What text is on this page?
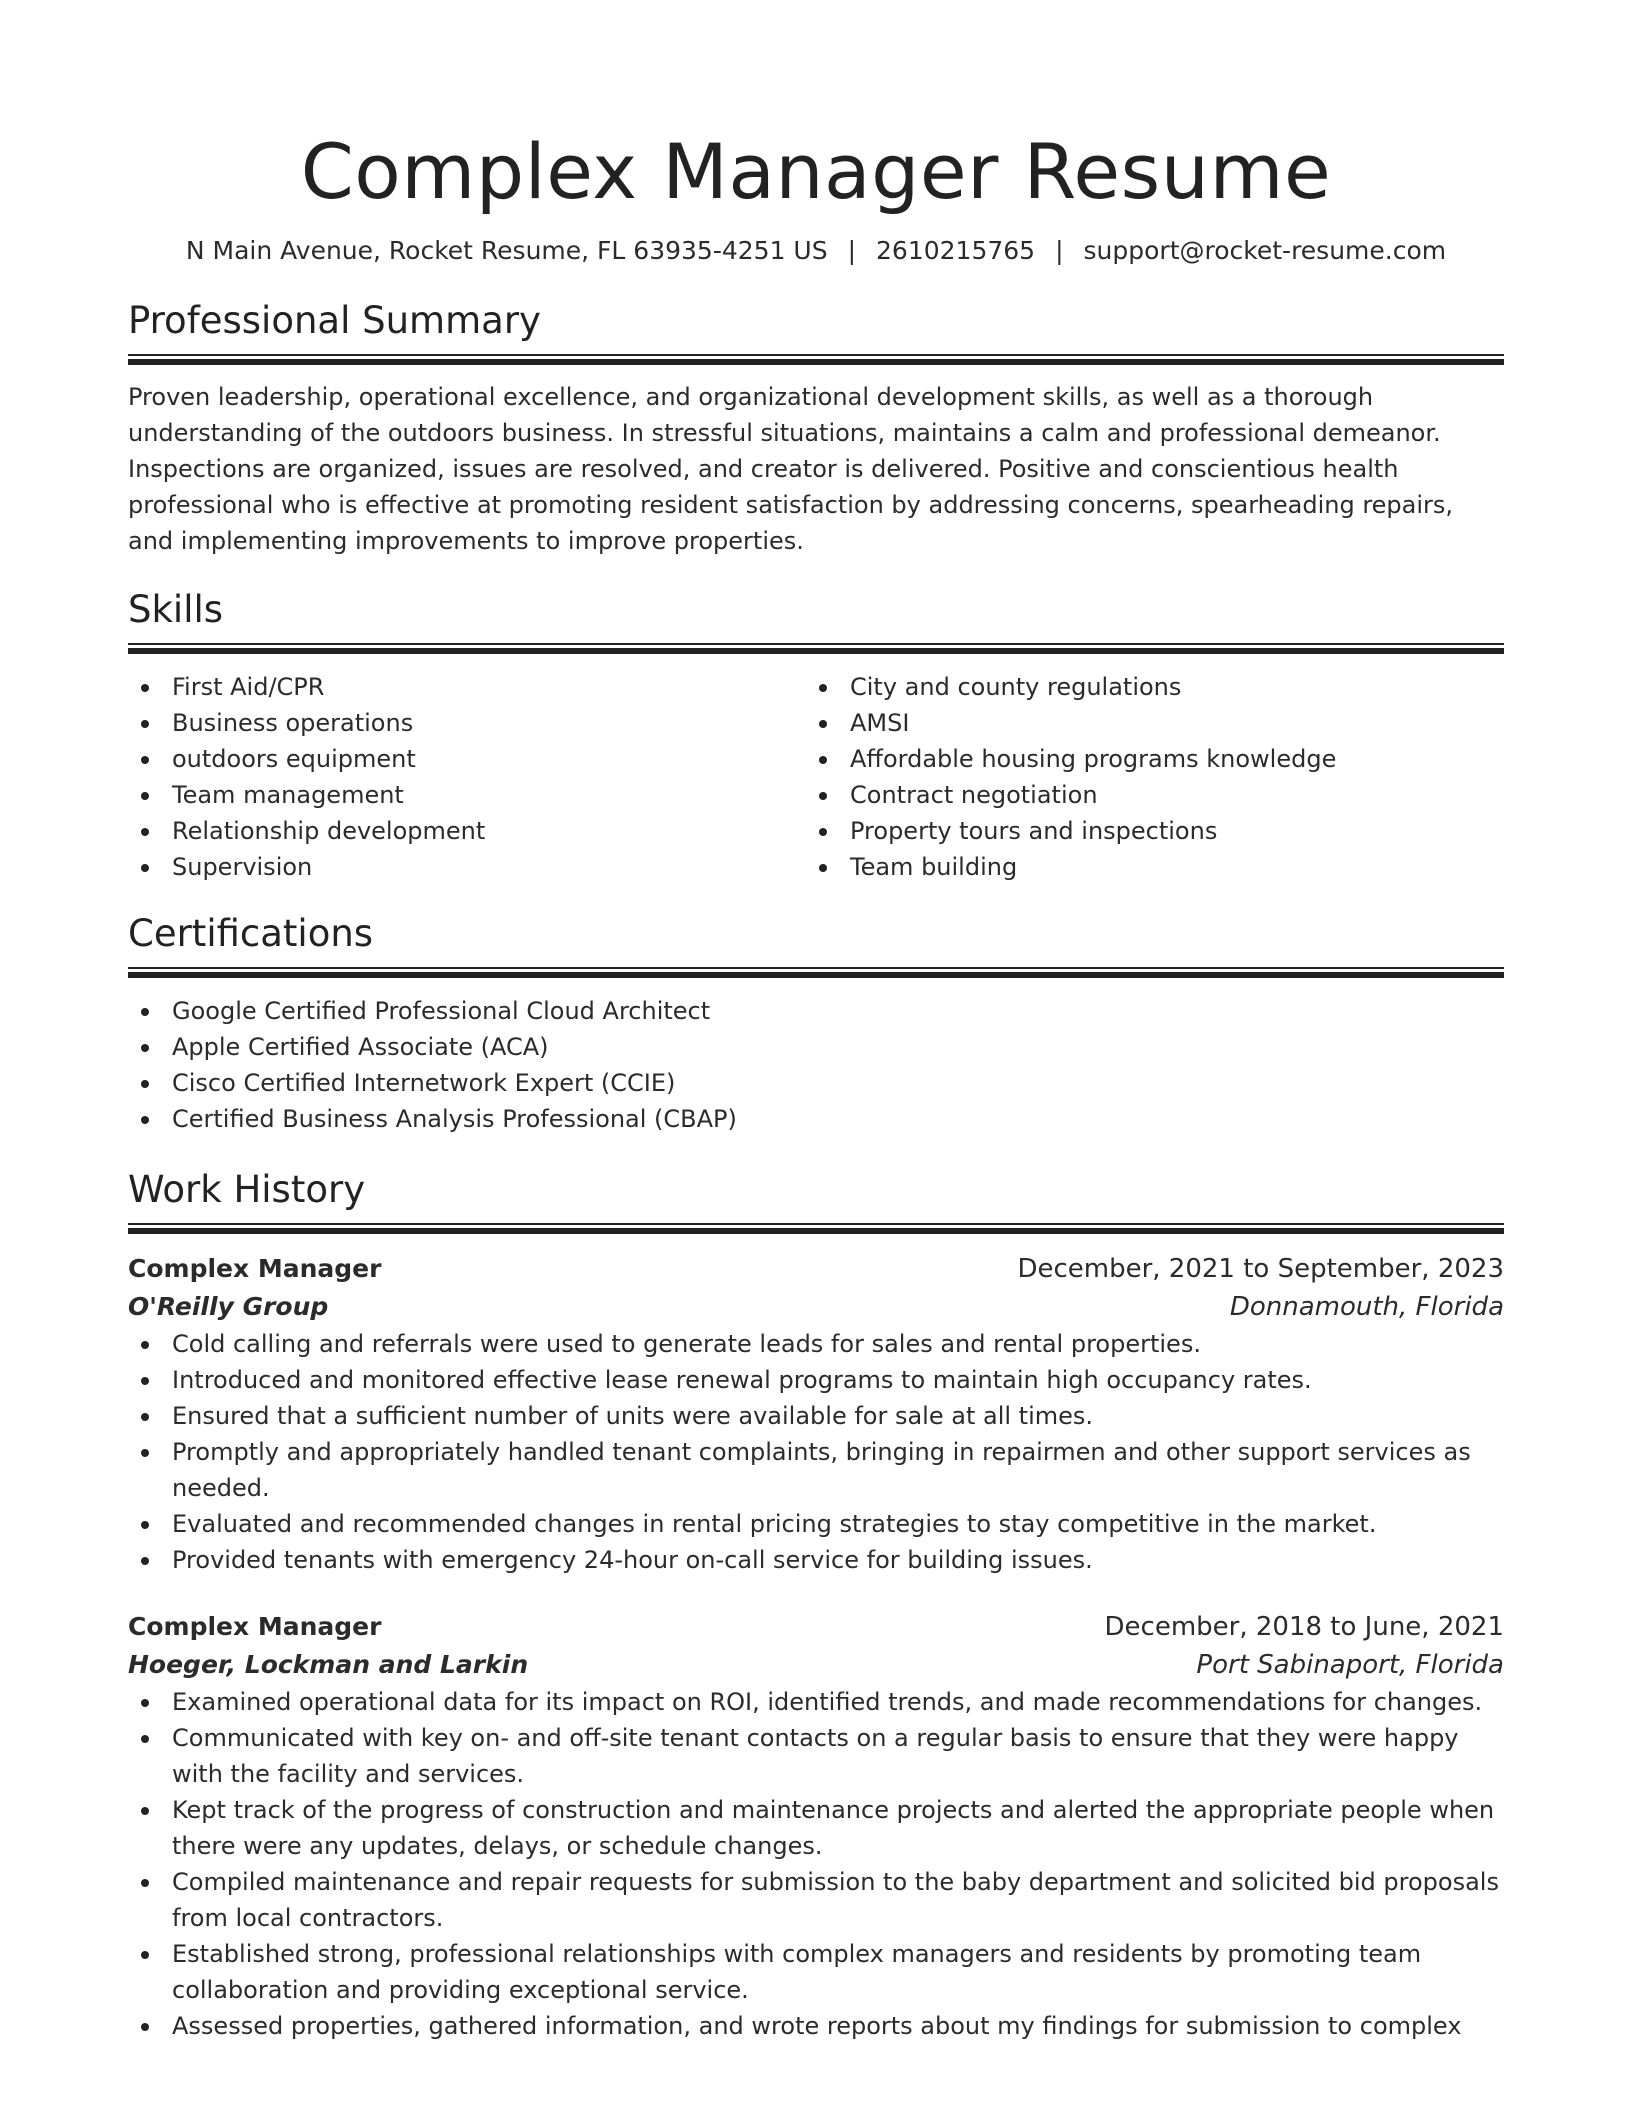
Complex Manager Resume
N Main Avenue, Rocket Resume, FL 63935-4251 US | 2610215765 | support@rocket-resume.com
Professional Summary
Proven leadership, operational excellence, and organizational development skills, as well as a thorough understanding of the outdoors business. In stressful situations, maintains a calm and professional demeanor. Inspections are organized, issues are resolved, and creator is delivered. Positive and conscientious health professional who is effective at promoting resident satisfaction by addressing concerns, spearheading repairs, and implementing improvements to improve properties.
Skills
First Aid/CPR
Business operations
outdoors equipment
Team management
Relationship development
Supervision
City and county regulations
AMSI
Affordable housing programs knowledge
Contract negotiation
Property tours and inspections
Team building
Certifications
Google Certified Professional Cloud Architect
Apple Certified Associate (ACA)
Cisco Certified Internetwork Expert (CCIE)
Certified Business Analysis Professional (CBAP)
Work History
Complex Manager	December, 2021 to September, 2023
O'Reilly Group	Donnamouth, Florida
Cold calling and referrals were used to generate leads for sales and rental properties.
Introduced and monitored effective lease renewal programs to maintain high occupancy rates.
Ensured that a sufficient number of units were available for sale at all times.
Promptly and appropriately handled tenant complaints, bringing in repairmen and other support services as needed.
Evaluated and recommended changes in rental pricing strategies to stay competitive in the market.
Provided tenants with emergency 24-hour on-call service for building issues.
Complex Manager	December, 2018 to June, 2021
Hoeger, Lockman and Larkin	Port Sabinaport, Florida
Examined operational data for its impact on ROI, identified trends, and made recommendations for changes.
Communicated with key on- and off-site tenant contacts on a regular basis to ensure that they were happy with the facility and services.
Kept track of the progress of construction and maintenance projects and alerted the appropriate people when there were any updates, delays, or schedule changes.
Compiled maintenance and repair requests for submission to the baby department and solicited bid proposals from local contractors.
Established strong, professional relationships with complex managers and residents by promoting team collaboration and providing exceptional service.
Assessed properties, gathered information, and wrote reports about my findings for submission to complex
